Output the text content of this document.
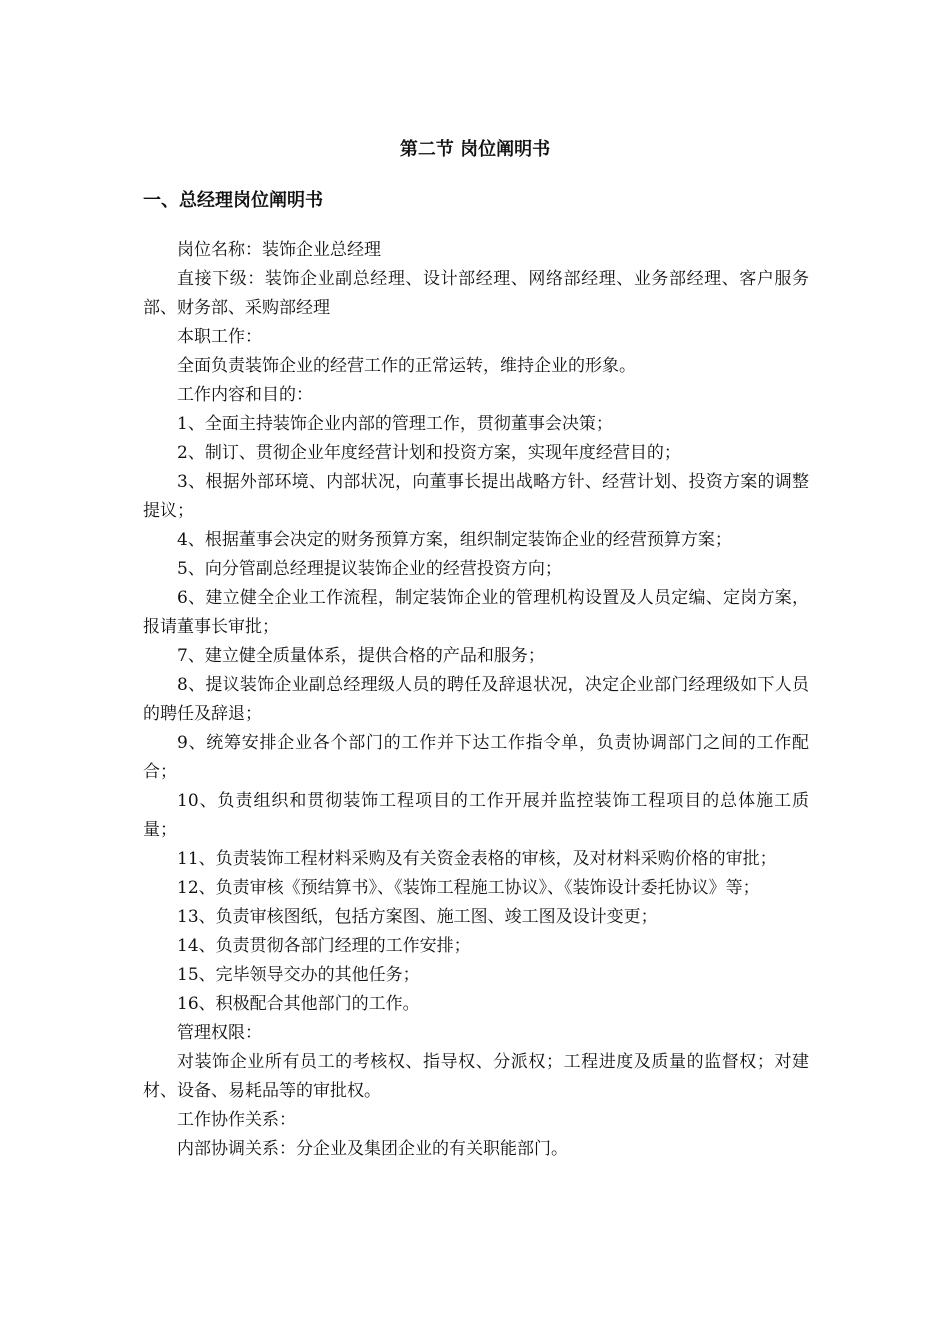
第二节 岗位阐明书
一、总经理岗位阐明书

岗位名称：装饰企业总经理

直接下级：装饰企业副总经理、设计部经理、网络部经理、业务部经理、客户服务部、财务部、采购部经理

本职工作：

全面负责装饰企业的经营工作的正常运转，维持企业的形象。

工作内容和目的：

1、全面主持装饰企业内部的管理工作，贯彻董事会决策；

2、制订、贯彻企业年度经营计划和投资方案，实现年度经营目的；

3、根据外部环境、内部状况，向董事长提出战略方针、经营计划、投资方案的调整提议；

4、根据董事会决定的财务预算方案，组织制定装饰企业的经营预算方案；

5、向分管副总经理提议装饰企业的经营投资方向；

6、建立健全企业工作流程，制定装饰企业的管理机构设置及人员定编、定岗方案，报请董事长审批；

7、建立健全质量体系，提供合格的产品和服务；

8、提议装饰企业副总经理级人员的聘任及辞退状况，决定企业部门经理级如下人员的聘任及辞退；

9、统筹安排企业各个部门的工作并下达工作指令单，负责协调部门之间的工作配合；

10、负责组织和贯彻装饰工程项目的工作开展并监控装饰工程项目的总体施工质量；

11、负责装饰工程材料采购及有关资金表格的审核，及对材料采购价格的审批；

12、负责审核《预结算书》、《装饰工程施工协议》、《装饰设计委托协议》等；

13、负责审核图纸，包括方案图、施工图、竣工图及设计变更；

14、负责贯彻各部门经理的工作安排；

15、完毕领导交办的其他任务；

16、积极配合其他部门的工作。

管理权限：

对装饰企业所有员工的考核权、指导权、分派权；工程进度及质量的监督权；对建材、设备、易耗品等的审批权。

工作协作关系：

内部协调关系：分企业及集团企业的有关职能部门。
